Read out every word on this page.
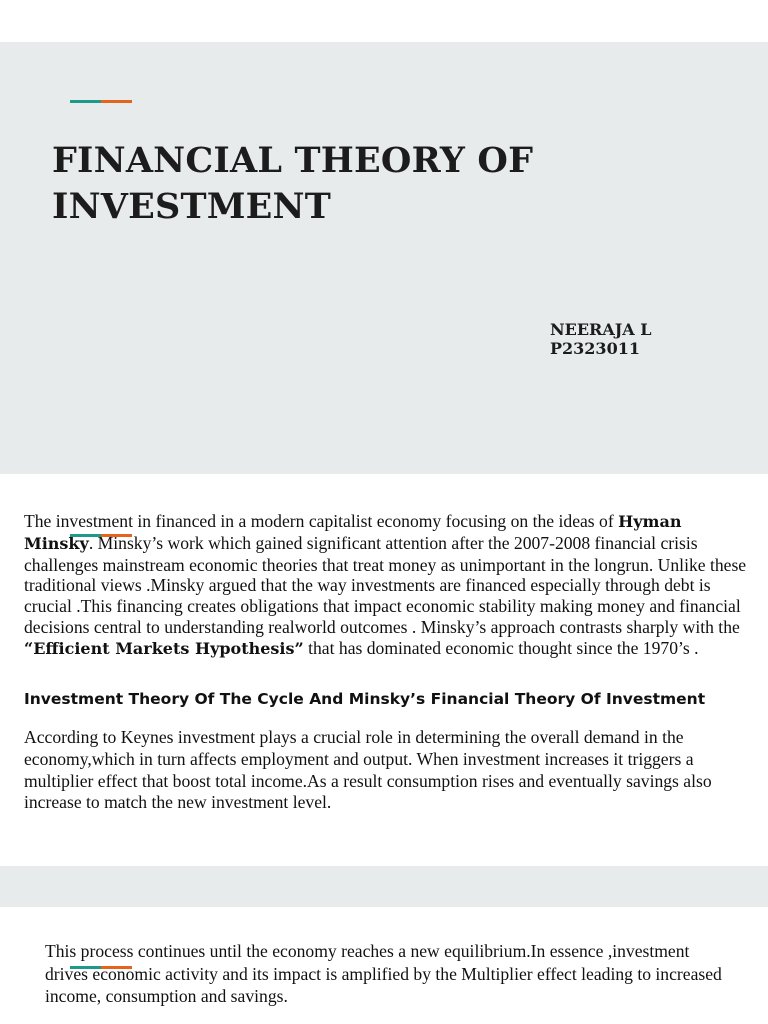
FINANCIAL THEORY OF
INVESTMENT
NEERAJA L
P2323011

The investment in financed in a modern capitalist economy focusing on the ideas of Hyman Minsky. Minsky’s work which gained significant attention after the 2007-2008 financial crisis challenges mainstream economic theories that treat money as unimportant in the longrun. Unlike these traditional views .Minsky argued that the way investments are financed especially through debt is crucial .This financing creates obligations that impact economic stability making money and financial decisions central to understanding realworld outcomes . Minsky’s approach contrasts sharply with the “Efficient Markets Hypothesis” that has dominated economic thought since the 1970’s .

Investment Theory Of The Cycle And Minsky’s Financial Theory Of Investment

According to Keynes investment plays a crucial role in determining the overall demand in the economy,which in turn affects employment and output. When investment increases it triggers a multiplier effect that boost total income.As a result consumption rises and eventually savings also increase to match the new investment level.

This process continues until the economy reaches a new equilibrium.In essence ,investment drives economic activity and its impact is amplified by the Multiplier effect leading to increased income, consumption and savings.
